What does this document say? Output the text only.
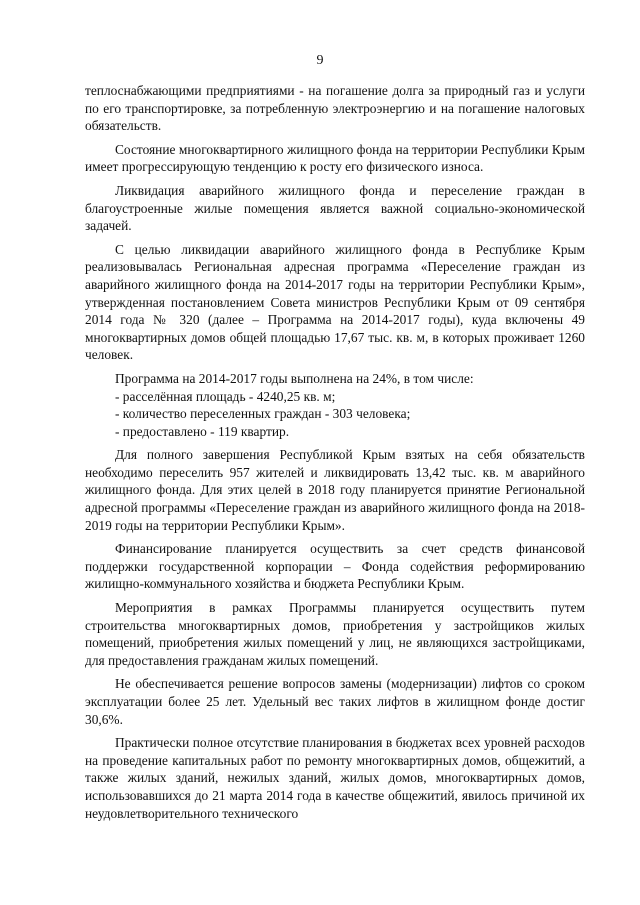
9

теплоснабжающими предприятиями - на погашение долга за природный газ и услуги по его транспортировке, за потребленную электроэнергию и на погашение налоговых обязательств.

Состояние многоквартирного жилищного фонда на территории Республики Крым имеет прогрессирующую тенденцию к росту его физического износа.

Ликвидация аварийного жилищного фонда и переселение граждан в благоустроенные жилые помещения является важной социально-экономической задачей.

С целью ликвидации аварийного жилищного фонда в Республике Крым реализовывалась Региональная адресная программа «Переселение граждан из аварийного жилищного фонда на 2014-2017 годы на территории Республики Крым», утвержденная постановлением Совета министров Республики Крым от 09 сентября 2014 года № 320 (далее – Программа на 2014-2017 годы), куда включены 49 многоквартирных домов общей площадью 17,67 тыс. кв. м, в которых проживает 1260 человек.

Программа на 2014-2017 годы выполнена на 24%, в том числе:

- расселённая площадь - 4240,25 кв. м;

- количество переселенных граждан - 303 человека;

- предоставлено - 119 квартир.

Для полного завершения Республикой Крым взятых на себя обязательств необходимо переселить 957 жителей и ликвидировать 13,42 тыс. кв. м аварийного жилищного фонда. Для этих целей в 2018 году планируется принятие Региональной адресной программы «Переселение граждан из аварийного жилищного фонда на 2018-2019 годы на территории Республики Крым».

Финансирование планируется осуществить за счет средств финансовой поддержки государственной корпорации – Фонда содействия реформированию жилищно-коммунального хозяйства и бюджета Республики Крым.

Мероприятия в рамках Программы планируется осуществить путем строительства многоквартирных домов, приобретения у застройщиков жилых помещений, приобретения жилых помещений у лиц, не являющихся застройщиками, для предоставления гражданам жилых помещений.

Не обеспечивается решение вопросов замены (модернизации) лифтов со сроком эксплуатации более 25 лет. Удельный вес таких лифтов в жилищном фонде достиг 30,6%.

Практически полное отсутствие планирования в бюджетах всех уровней расходов на проведение капитальных работ по ремонту многоквартирных домов, общежитий, а также жилых зданий, нежилых зданий, жилых домов, многоквартирных домов, использовавшихся до 21 марта 2014 года в качестве общежитий, явилось причиной их неудовлетворительного технического
